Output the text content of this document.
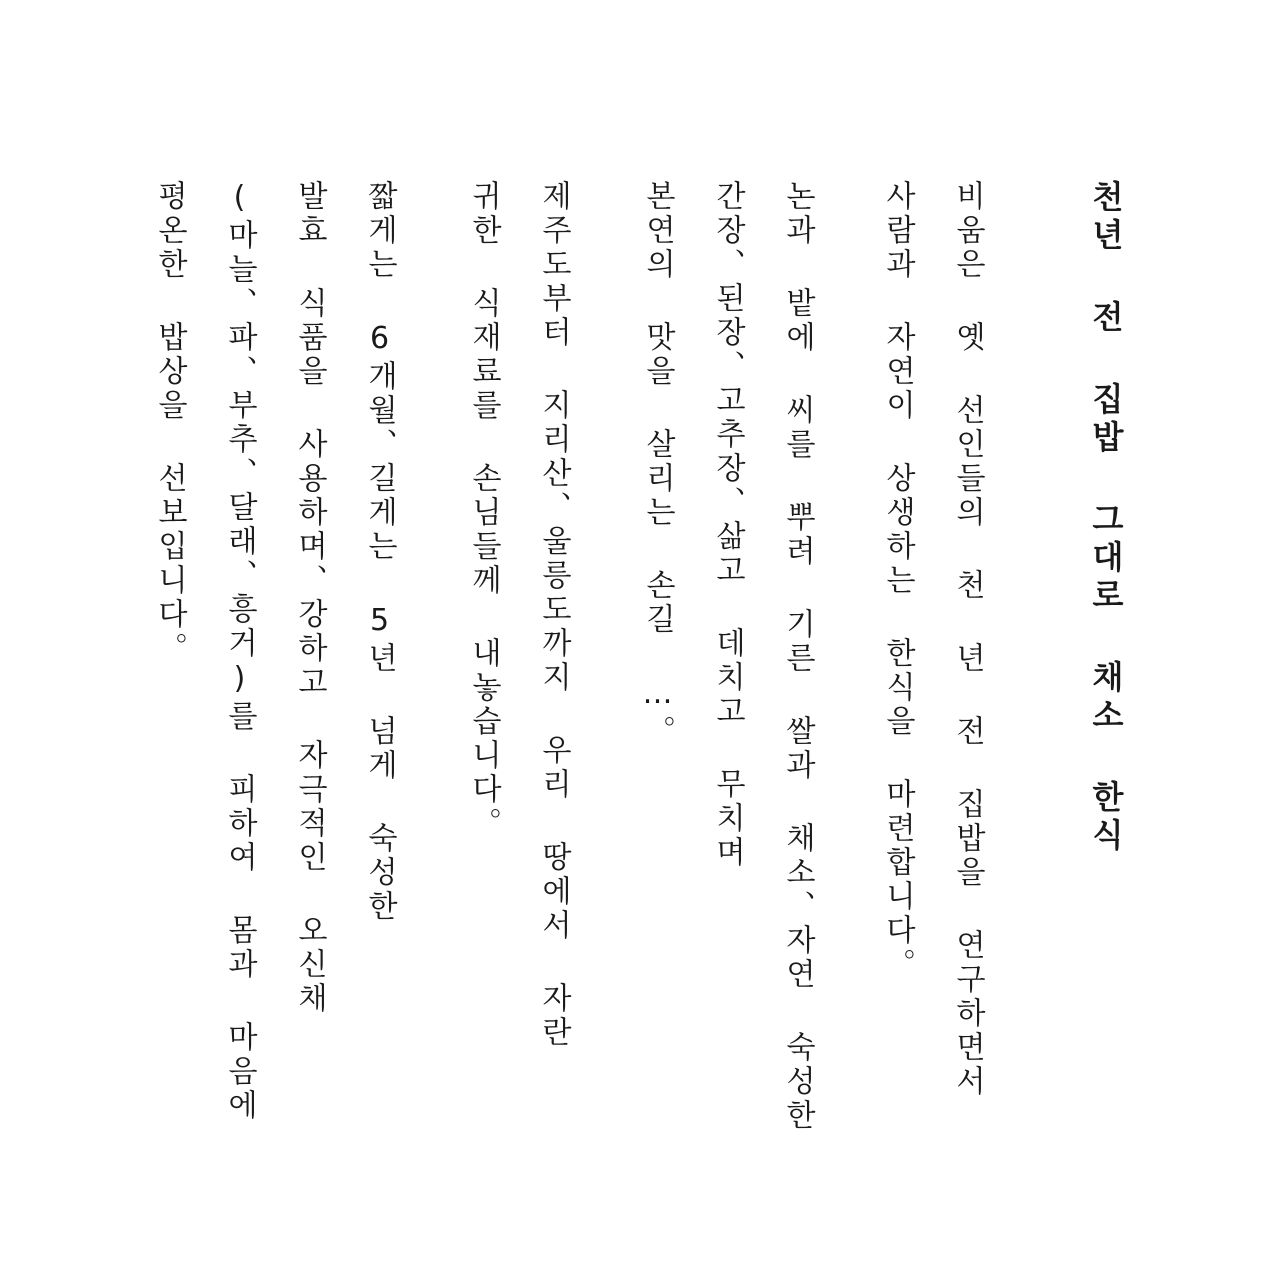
천년 전 집밥 그대로 채소 한식
비움은 옛 선인들의 천 년 전 집밥을 연구하면서
사람과 자연이 상생하는 한식을 마련합니다。
논과 밭에 씨를 뿌려 기른 쌀과 채소、자연 숙성한
간장、된장、고추장、삶고 데치고 무치며
본연의 맛을 살리는 손길 …。
제주도부터 지리산、울릉도까지 우리 땅에서 자란
귀한 식재료를 손님들께 내놓습니다。
짧게는 6개월、길게는 5년 넘게 숙성한
발효 식품을 사용하며、강하고 자극적인 오신채
(마늘、파、부추、달래、흥거)를 피하여 몸과 마음에
평온한 밥상을 선보입니다。
